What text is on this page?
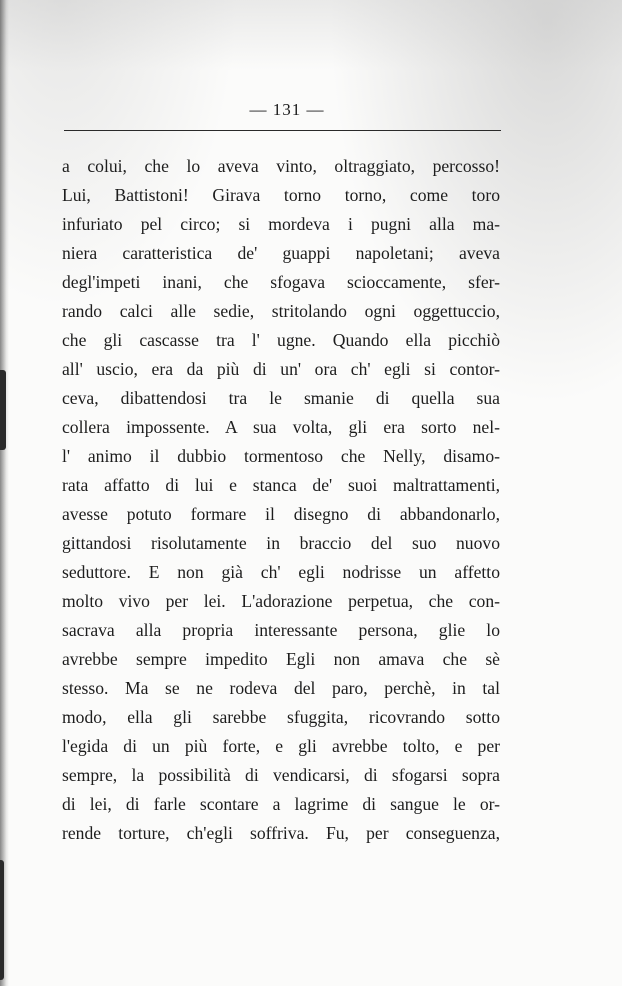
— 131 —
a colui, che lo aveva vinto, oltraggiato, percosso!
Lui, Battistoni! Girava torno torno, come toro
infuriato pel circo; si mordeva i pugni alla ma-
niera caratteristica de' guappi napoletani; aveva
degl'impeti inani, che sfogava scioccamente, sfer-
rando calci alle sedie, stritolando ogni oggettuccio,
che gli cascasse tra l' ugne. Quando ella picchiò
all' uscio, era da più di un' ora ch' egli si contor-
ceva, dibattendosi tra le smanie di quella sua
collera impossente. A sua volta, gli era sorto nel-
l' animo il dubbio tormentoso che Nelly, disamo-
rata affatto di lui e stanca de' suoi maltrattamenti,
avesse potuto formare il disegno di abbandonarlo,
gittandosi risolutamente in braccio del suo nuovo
seduttore. E non già ch' egli nodrisse un affetto
molto vivo per lei. L'adorazione perpetua, che con-
sacrava alla propria interessante persona, glie lo
avrebbe sempre impedito Egli non amava che sè
stesso. Ma se ne rodeva del paro, perchè, in tal
modo, ella gli sarebbe sfuggita, ricovrando sotto
l'egida di un più forte, e gli avrebbe tolto, e per
sempre, la possibilità di vendicarsi, di sfogarsi sopra
di lei, di farle scontare a lagrime di sangue le or-
rende torture, ch'egli soffriva. Fu, per conseguenza,
